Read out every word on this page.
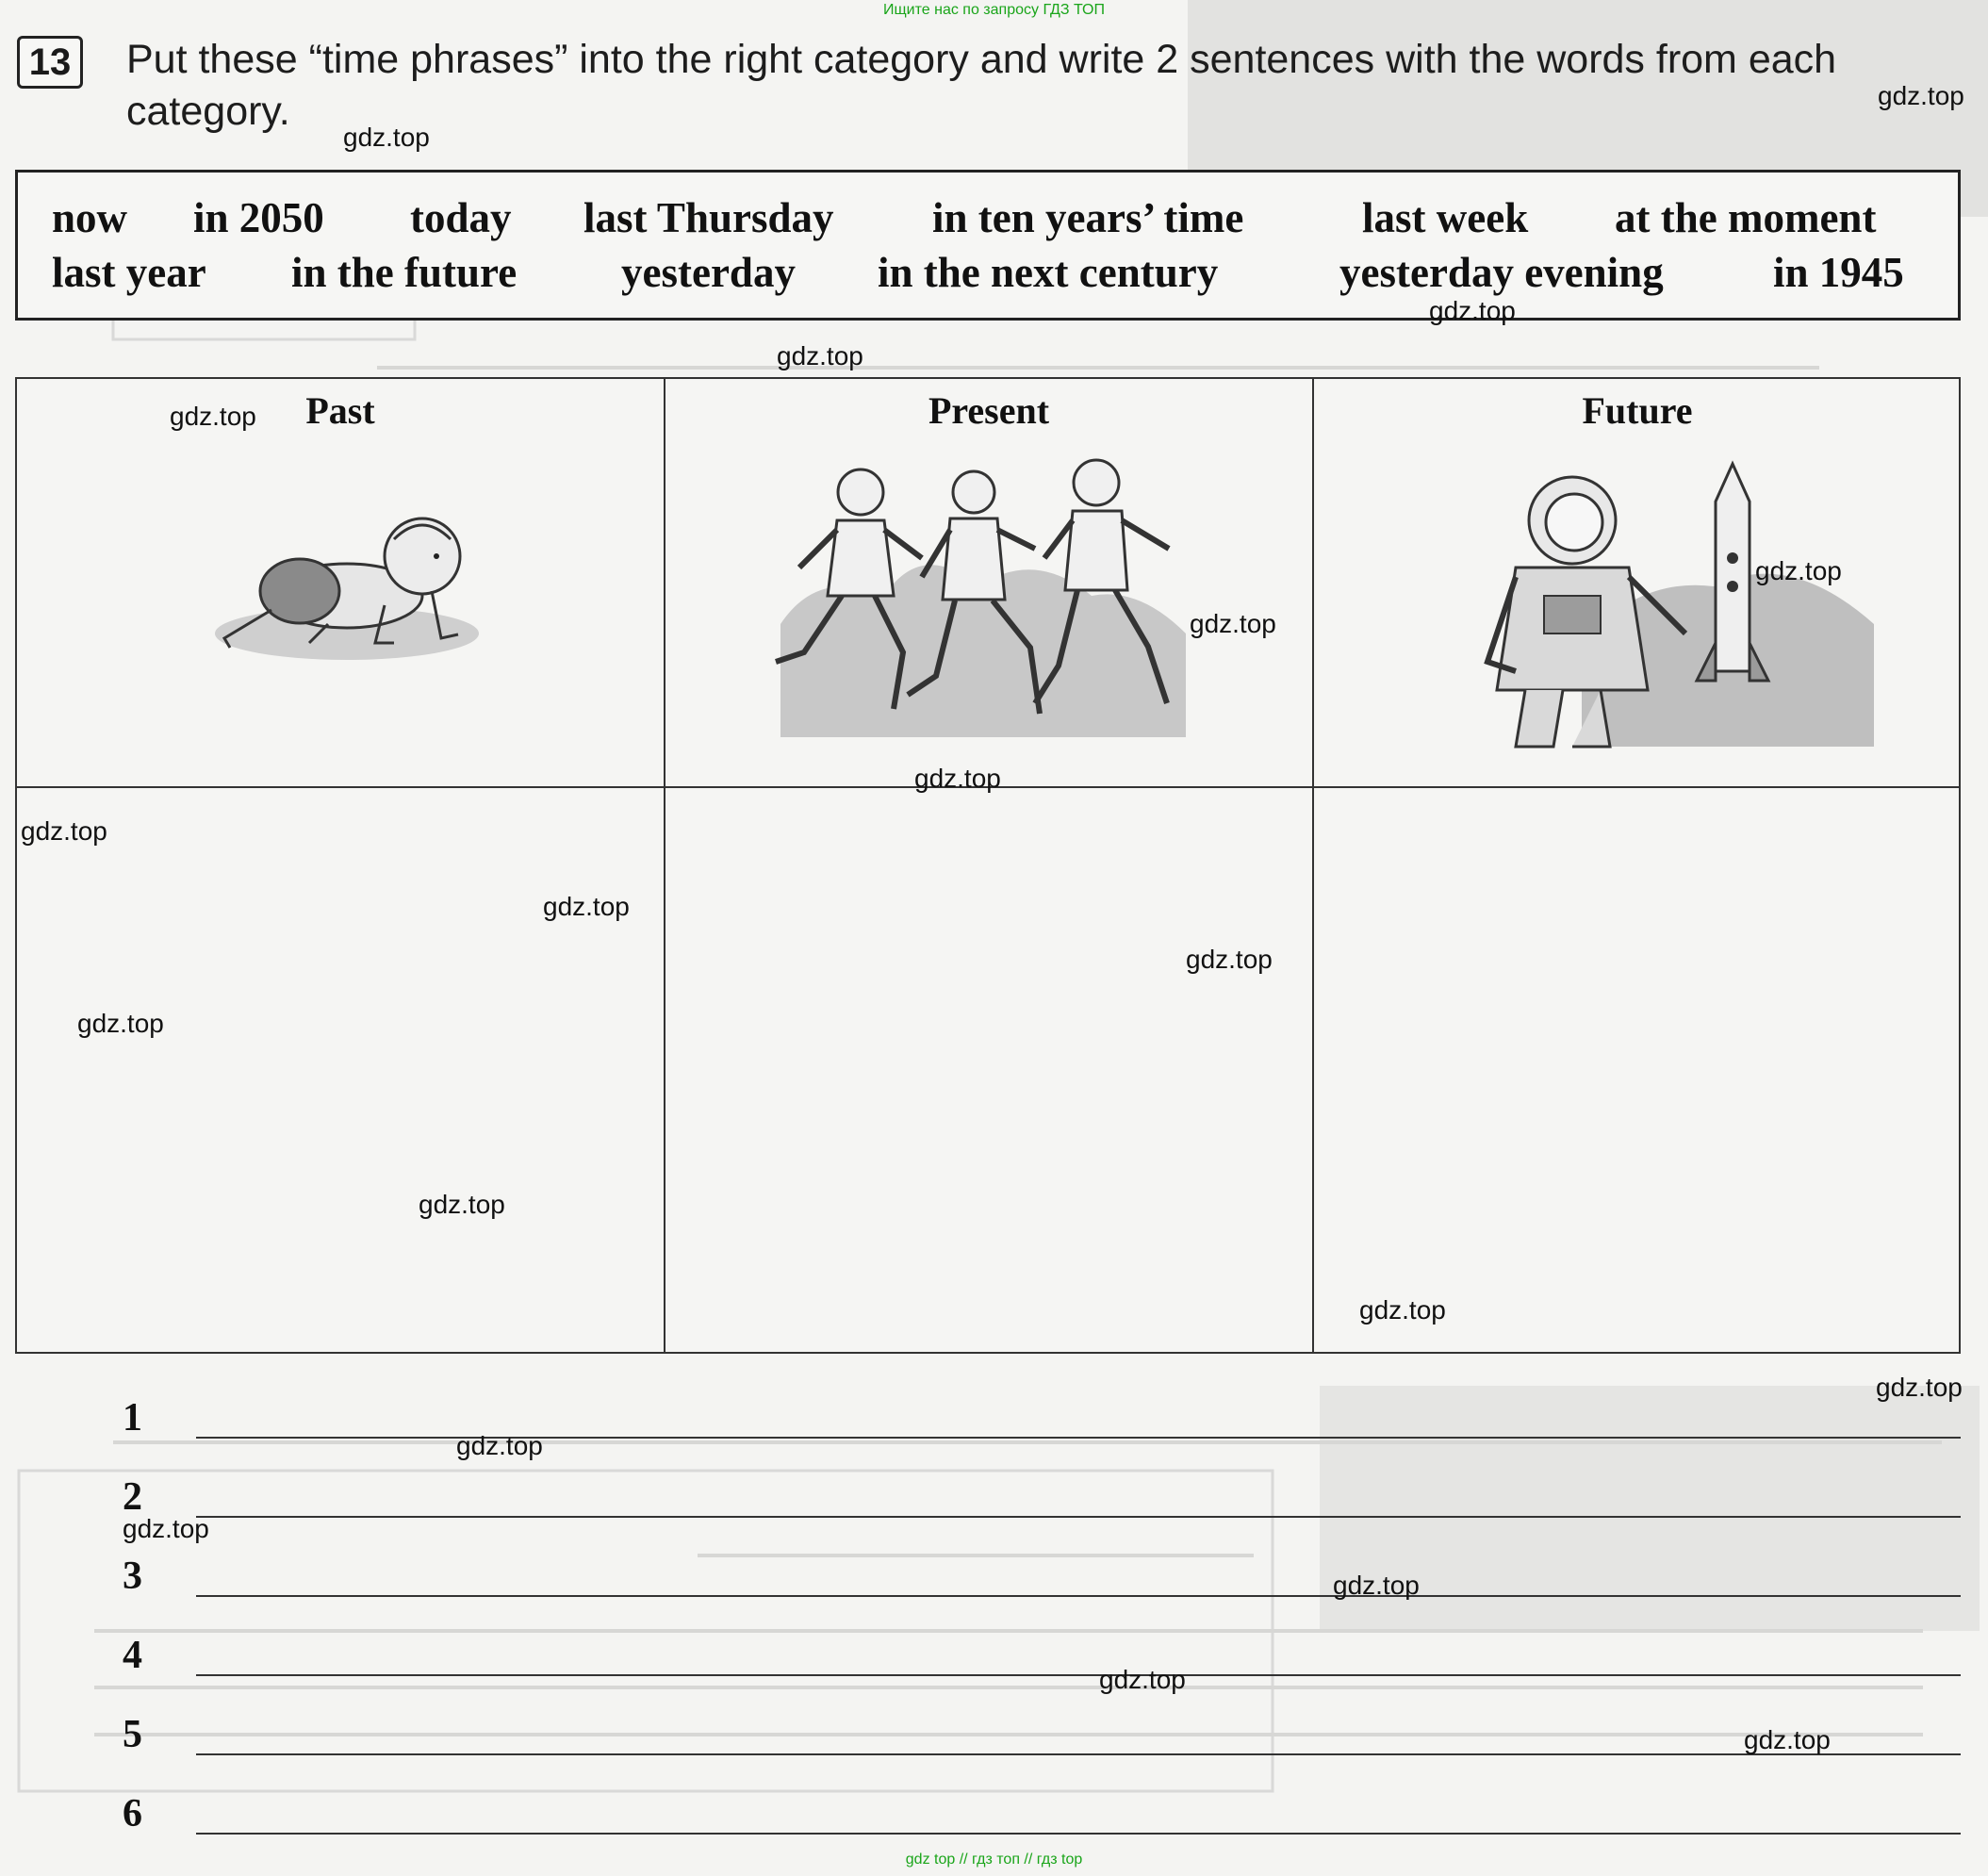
Ищите нас по запросу ГДЗ ТОП
13 Put these “time phrases” into the right category and write 2 sentences with the words from each category.
now in 2050 today last Thursday in ten years’ time	last week at the moment
last year in the future yesterday in the next century	yesterday evening	in 1945
Past	Present	Future
1
2
3
4
5
6
gdz.top
gdz.top
gdz.top
gdz.top
gdz.top
gdz.top
gdz.top
gdz.top
gdz.top
gdz.top
gdz.top
gdz.top
gdz.top
gdz.top
gdz.top
gdz.top
gdz.top
gdz.top
gdz.top
gdz.top
gdz top // гдз топ // гдз top
